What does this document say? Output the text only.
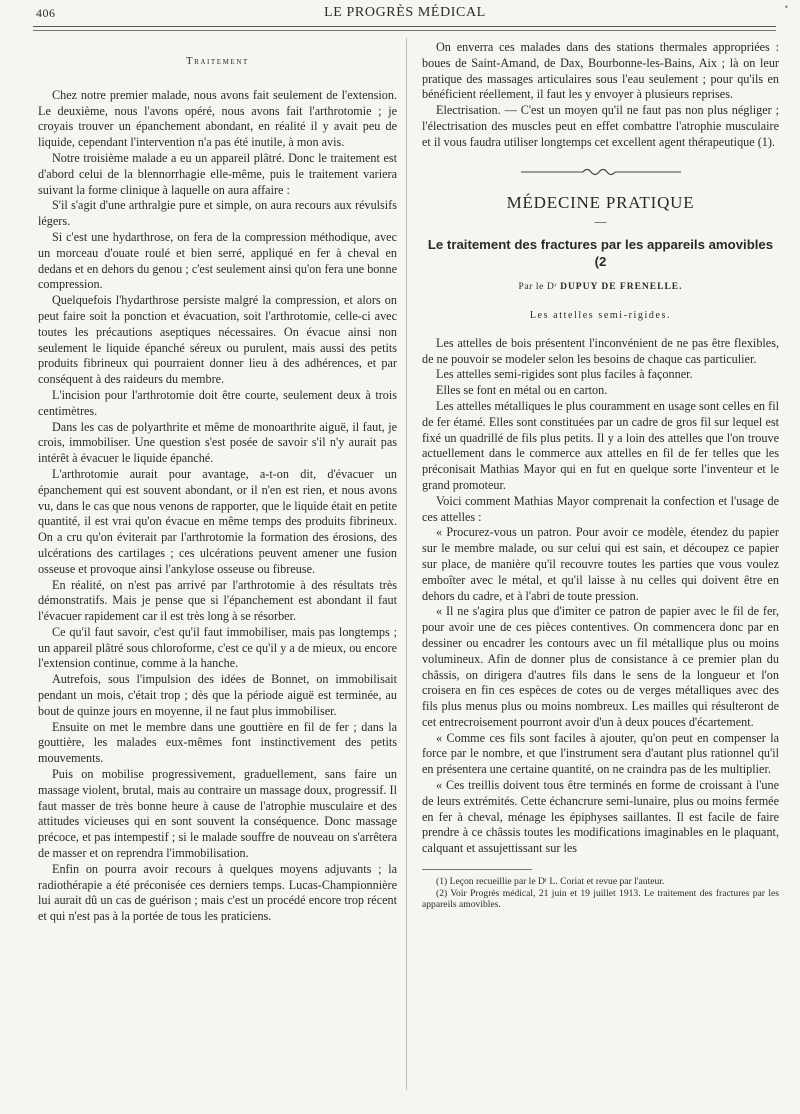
406	LE PROGRÈS MÉDICAL	•
Traitement

Chez notre premier malade, nous avons fait seulement de l'extension. Le deuxième, nous l'avons opéré, nous avons fait l'arthrotomie ; je croyais trouver un épanchement abondant, en réalité il y avait peu de liquide, cependant l'intervention n'a pas été inutile, à mon avis.

Notre troisième malade a eu un appareil plâtré. Donc le traitement est d'abord celui de la blennorrhagie elle-même, puis le traitement variera suivant la forme clinique à laquelle on aura affaire :

S'il s'agit d'une arthralgie pure et simple, on aura recours aux révulsifs légers.

Si c'est une hydarthrose, on fera de la compression méthodique, avec un morceau d'ouate roulé et bien serré, appliqué en fer à cheval en dedans et en dehors du genou ; c'est seulement ainsi qu'on fera une bonne compression.

Quelquefois l'hydarthrose persiste malgré la compression, et alors on peut faire soit la ponction et évacuation, soit l'arthrotomie, celle-ci avec toutes les précautions aseptiques nécessaires. On évacue ainsi non seulement le liquide épanché séreux ou purulent, mais aussi des petits produits fibrineux qui pourraient donner lieu à des adhérences, et par conséquent à des raideurs du membre.

L'incision pour l'arthrotomie doit être courte, seulement deux à trois centimètres.

Dans les cas de polyarthrite et même de monoarthrite aiguë, il faut, je crois, immobiliser. Une question s'est posée de savoir s'il n'y aurait pas intérêt à évacuer le liquide épanché.

L'arthrotomie aurait pour avantage, a-t-on dit, d'évacuer un épanchement qui est souvent abondant, or il n'en est rien, et nous avons vu, dans le cas que nous venons de rapporter, que le liquide était en petite quantité, il est vrai qu'on évacue en même temps des produits fibrineux. On a cru qu'on éviterait par l'arthrotomie la formation des érosions, des ulcérations des cartilages ; ces ulcérations peuvent amener une fusion osseuse et provoque ainsi l'ankylose osseuse ou fibreuse.

En réalité, on n'est pas arrivé par l'arthrotomie à des résultats très démonstratifs. Mais je pense que si l'épanchement est abondant il faut l'évacuer rapidement car il est très long à se résorber.

Ce qu'il faut savoir, c'est qu'il faut immobiliser, mais pas longtemps ; un appareil plâtré sous chloroforme, c'est ce qu'il y a de mieux, ou encore l'extension continue, comme à la hanche.

Autrefois, sous l'impulsion des idées de Bonnet, on immobilisait pendant un mois, c'était trop ; dès que la période aiguë est terminée, au bout de quinze jours en moyenne, il ne faut plus immobiliser.

Ensuite on met le membre dans une gouttière en fil de fer ; dans la gouttière, les malades eux-mêmes font instinctivement des petits mouvements.

Puis on mobilise progressivement, graduellement, sans faire un massage violent, brutal, mais au contraire un massage doux, progressif. Il faut masser de très bonne heure à cause de l'atrophie musculaire et des attitudes vicieuses qui en sont souvent la conséquence. Donc massage précoce, et pas intempestif ; si le malade souffre de nouveau on s'arrêtera de masser et on reprendra l'immobilisation.

Enfin on pourra avoir recours à quelques moyens adjuvants ; la radiothérapie a été préconisée ces derniers temps. Lucas-Championnière lui aurait dû un cas de guérison ; mais c'est un procédé encore trop récent et qui n'est pas à la portée de tous les praticiens.

On enverra ces malades dans des stations thermales appropriées : boues de Saint-Amand, de Dax, Bourbonne-les-Bains, Aix ; là on leur pratique des massages articulaires sous l'eau seulement ; pour qu'ils en bénéficient réellement, il faut les y envoyer à plusieurs reprises.

Electrisation. — C'est un moyen qu'il ne faut pas non plus négliger ; l'électrisation des muscles peut en effet combattre l'atrophie musculaire et il vous faudra utiliser longtemps cet excellent agent thérapeutique (1).

MÉDECINE PRATIQUE
—
Le traitement des fractures par les appareils amovibles (2
Par le Dʳ DUPUY DE FRENELLE.
Les attelles semi-rigides.

Les attelles de bois présentent l'inconvénient de ne pas être flexibles, de ne pouvoir se modeler selon les besoins de chaque cas particulier.

Les attelles semi-rigides sont plus faciles à façonner.

Elles se font en métal ou en carton.

Les attelles métalliques le plus couramment en usage sont celles en fil de fer étamé. Elles sont constituées par un cadre de gros fil sur lequel est fixé un quadrillé de fils plus petits. Il y a loin des attelles que l'on trouve actuellement dans le commerce aux attelles en fil de fer telles que les préconisait Mathias Mayor qui en fut en quelque sorte l'inventeur et le grand promoteur.

Voici comment Mathias Mayor comprenait la confection et l'usage de ces attelles :

« Procurez-vous un patron. Pour avoir ce modèle, étendez du papier sur le membre malade, ou sur celui qui est sain, et découpez ce papier sur place, de manière qu'il recouvre toutes les parties que vous voulez emboîter avec le métal, et qu'il laisse à nu celles qui doivent être en dehors du cadre, et à l'abri de toute pression.

« Il ne s'agira plus que d'imiter ce patron de papier avec le fil de fer, pour avoir une de ces pièces contentives. On commencera donc par en dessiner ou encadrer les contours avec un fil métallique plus ou moins volumineux. Afin de donner plus de consistance à ce premier plan du châssis, on dirigera d'autres fils dans le sens de la longueur et l'on croisera en fin ces espèces de cotes ou de verges métalliques avec des fils plus menus plus ou moins nombreux. Les mailles qui résulteront de cet entrecroisement pourront avoir d'un à deux pouces d'écartement.

« Comme ces fils sont faciles à ajouter, qu'on peut en compenser la force par le nombre, et que l'instrument sera d'autant plus rationnel qu'il en présentera une certaine quantité, on ne craindra pas de les multiplier.

« Ces treillis doivent tous être terminés en forme de croissant à l'une de leurs extrémités. Cette échancrure semi-lunaire, plus ou moins fermée en fer à cheval, ménage les épiphyses saillantes. Il est facile de faire prendre à ce châssis toutes les modifications imaginables en le plaquant, calquant et assujettissant sur les

(1) Leçon recueillie par le Dʳ L. Coriat et revue par l'auteur.

(2) Voir Progrès médical, 21 juin et 19 juillet 1913. Le traitement des fractures par les appareils amovibles.
